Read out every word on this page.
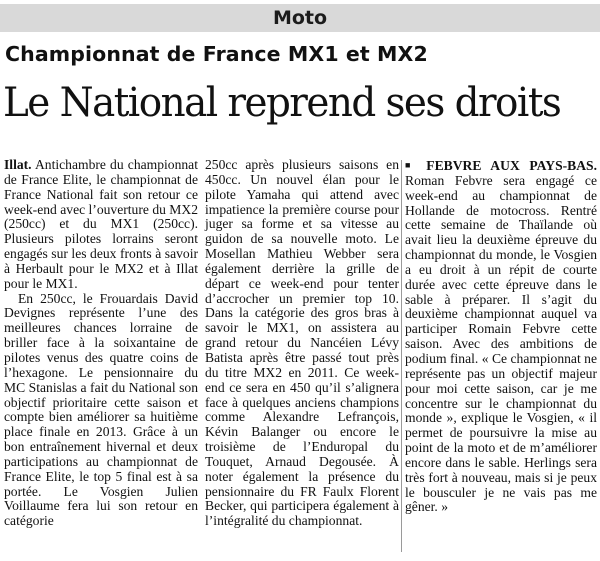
Moto
Championnat de France MX1 et MX2
Le National reprend ses droits

Illat. Antichambre du championnat de France Elite, le championnat de France National fait son retour ce week-end avec l’ouverture du MX2 (250cc) et du MX1 (250cc). Plusieurs pilotes lorrains seront engagés sur les deux fronts à savoir à Herbault pour le MX2 et à Illat pour le MX1.

En 250cc, le Frouardais David Devignes représente l’une des meilleures chances lorraine de briller face à la soixantaine de pilotes venus des quatre coins de l’hexagone. Le pensionnaire du MC Stanislas a fait du National son objectif prioritaire cette saison et compte bien améliorer sa huitième place finale en 2013. Grâce à un bon entraînement hivernal et deux participations au championnat de France Elite, le top 5 final est à sa portée. Le Vosgien Julien Voillaume fera lui son retour en catégorie

250cc après plusieurs saisons en 450cc. Un nouvel élan pour le pilote Yamaha qui attend avec impatience la première course pour juger sa forme et sa vitesse au guidon de sa nouvelle moto. Le Mosellan Mathieu Webber sera également derrière la grille de départ ce week-end pour tenter d’accrocher un premier top 10. Dans la catégorie des gros bras à savoir le MX1, on assistera au grand retour du Nancéien Lévy Batista après être passé tout près du titre MX2 en 2011. Ce week-end ce sera en 450 qu’il s’alignera face à quelques anciens champions comme Alexandre Lefrançois, Kévin Balanger ou encore le troisième de l’Enduropal du Touquet, Arnaud Degousée. À noter également la présence du pensionnaire du FR Faulx Florent Becker, qui participera également à l’intégralité du championnat.

■ FEBVRE AUX PAYS-BAS. Roman Febvre sera engagé ce week-end au championnat de Hollande de motocross. Rentré cette semaine de Thaïlande où avait lieu la deuxième épreuve du championnat du monde, le Vosgien a eu droit à un répit de courte durée avec cette épreuve dans le sable à préparer. Il s’agit du deuxième championnat auquel va participer Romain Febvre cette saison. Avec des ambitions de podium final. « Ce championnat ne représente pas un objectif majeur pour moi cette saison, car je me concentre sur le championnat du monde », explique le Vosgien, « il permet de poursuivre la mise au point de la moto et de m’améliorer encore dans le sable. Herlings sera très fort à nouveau, mais si je peux le bousculer je ne vais pas me gêner. »
